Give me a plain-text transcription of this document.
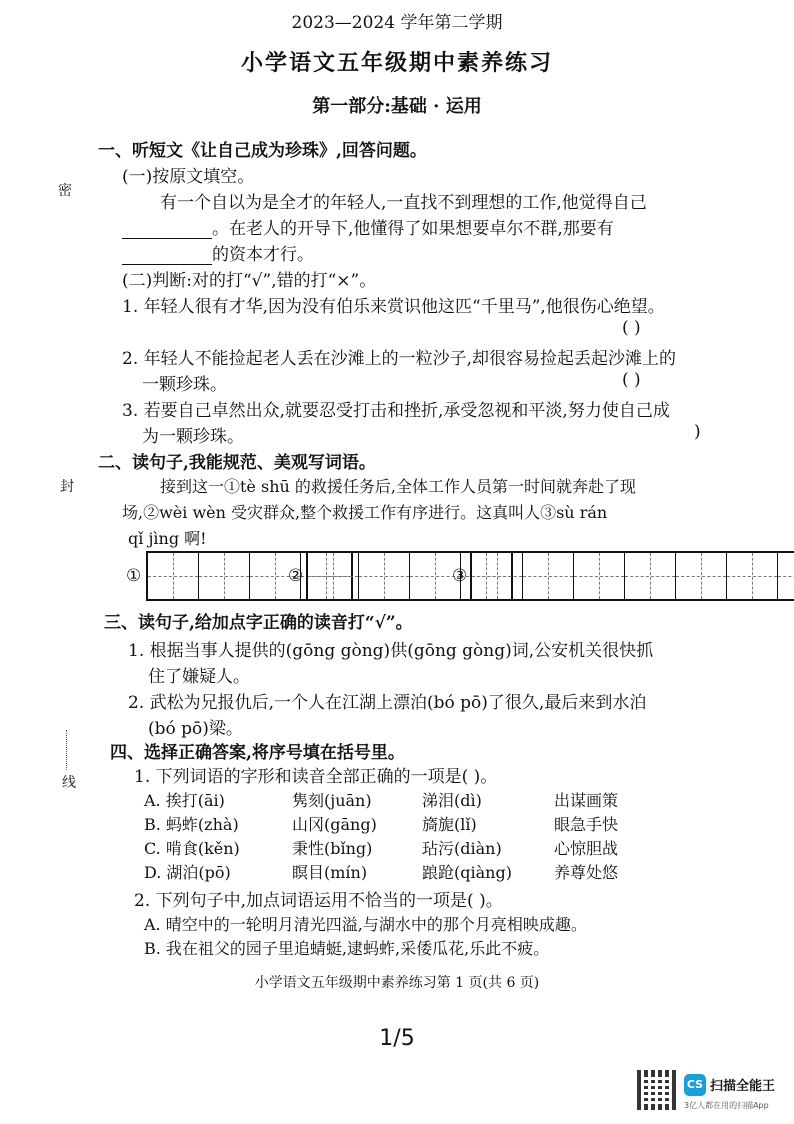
2023—2024 学年第二学期
小学语文五年级期中素养练习
第一部分:基础 · 运用
密
封
线
一、听短文《让自己成为珍珠》,回答问题。
(一)按原文填空。
有一个自以为是全才的年轻人,一直找不到理想的工作,他觉得自己
。在老人的开导下,他懂得了如果想要卓尔不群,那要有
的资本才行。
(二)判断:对的打“√”,错的打“×”。
1. 年轻人很有才华,因为没有伯乐来赏识他这匹“千里马”,他很伤心绝望。
( )
2. 年轻人不能捡起老人丢在沙滩上的一粒沙子,却很容易捡起丢起沙滩上的
一颗珍珠。	( )
3. 若要自己卓然出众,就要忍受打击和挫折,承受忽视和平淡,努力使自己成
为一颗珍珠。	)
二、读句子,我能规范、美观写词语。
接到这一①tè shū 的救援任务后,全体工作人员第一时间就奔赴了现
场,②wèi wèn 受灾群众,整个救援工作有序进行。这真叫人③sù rán
qǐ jìng 啊!
①	②	③
三、读句子,给加点字正确的读音打“√”。
1. 根据当事人提供的(gōng gòng)供(gōng gòng)词,公安机关很快抓
住了嫌疑人。
2. 武松为兄报仇后,一个人在江湖上漂泊(bó pō)了很久,最后来到水泊
(bó pō)梁。
四、选择正确答案,将序号填在括号里。
1. 下列词语的字形和读音全部正确的一项是( )。
A. 挨打(āi)	隽刻(juān)	涕泪(dì)	出谋画策
B. 蚂蚱(zhà)	山冈(gāng)	旖旎(lǐ)	眼急手快
C. 啃食(kěn)	秉性(bǐng)	玷污(diàn)	心惊胆战
D. 湖泊(pō)	瞑目(mín)	踉跄(qiàng)	养尊处悠
2. 下列句子中,加点词语运用不恰当的一项是( )。
A. 晴空中的一轮明月清光四溢,与湖水中的那个月亮相映成趣。
B. 我在祖父的园子里追蜻蜓,逮蚂蚱,采倭瓜花,乐此不疲。
小学语文五年级期中素养练习第 1 页(共 6 页)
1/5
CS 扫描全能王
3亿人都在用的扫描App
